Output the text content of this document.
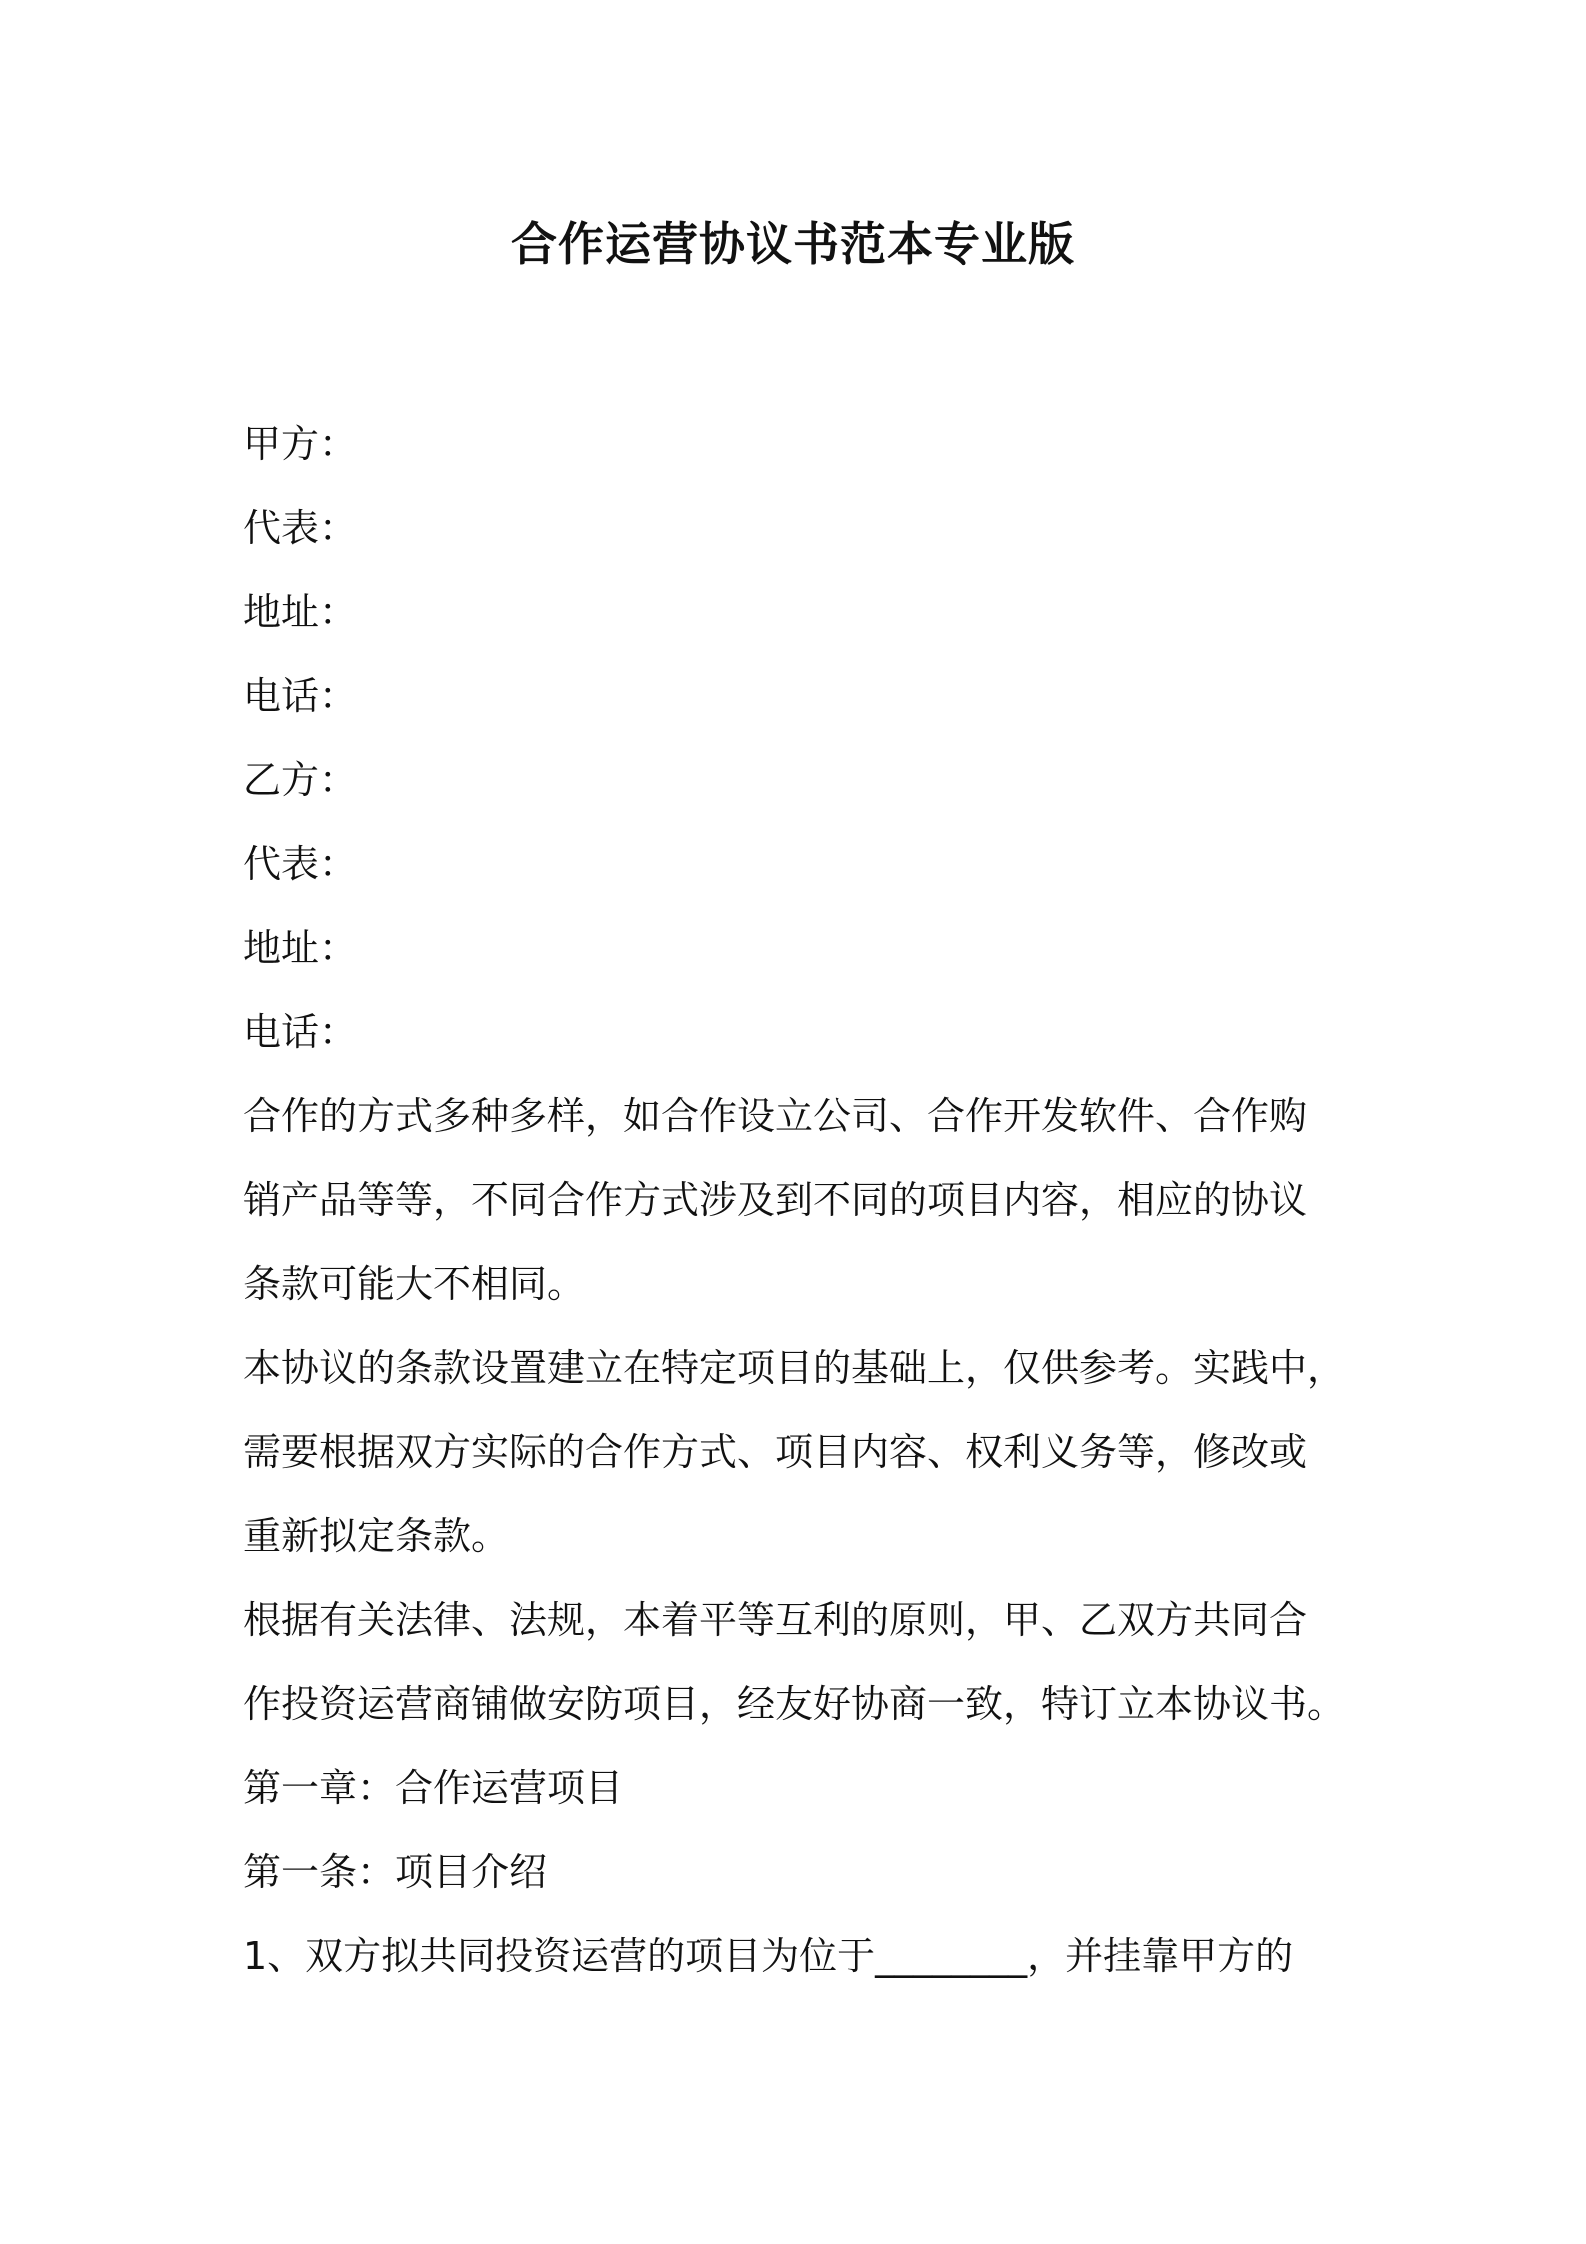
合作运营协议书范本专业版
甲方：
代表：
地址：
电话：
乙方：
代表：
地址：
电话：
合作的方式多种多样，如合作设立公司、合作开发软件、合作购
销产品等等，不同合作方式涉及到不同的项目内容，相应的协议
条款可能大不相同。
本协议的条款设置建立在特定项目的基础上，仅供参考。实践中，
需要根据双方实际的合作方式、项目内容、权利义务等，修改或
重新拟定条款。
根据有关法律、法规，本着平等互利的原则，甲、乙双方共同合
作投资运营商铺做安防项目，经友好协商一致，特订立本协议书。
第一章：合作运营项目
第一条：项目介绍
1、双方拟共同投资运营的项目为位于________，并挂靠甲方的
